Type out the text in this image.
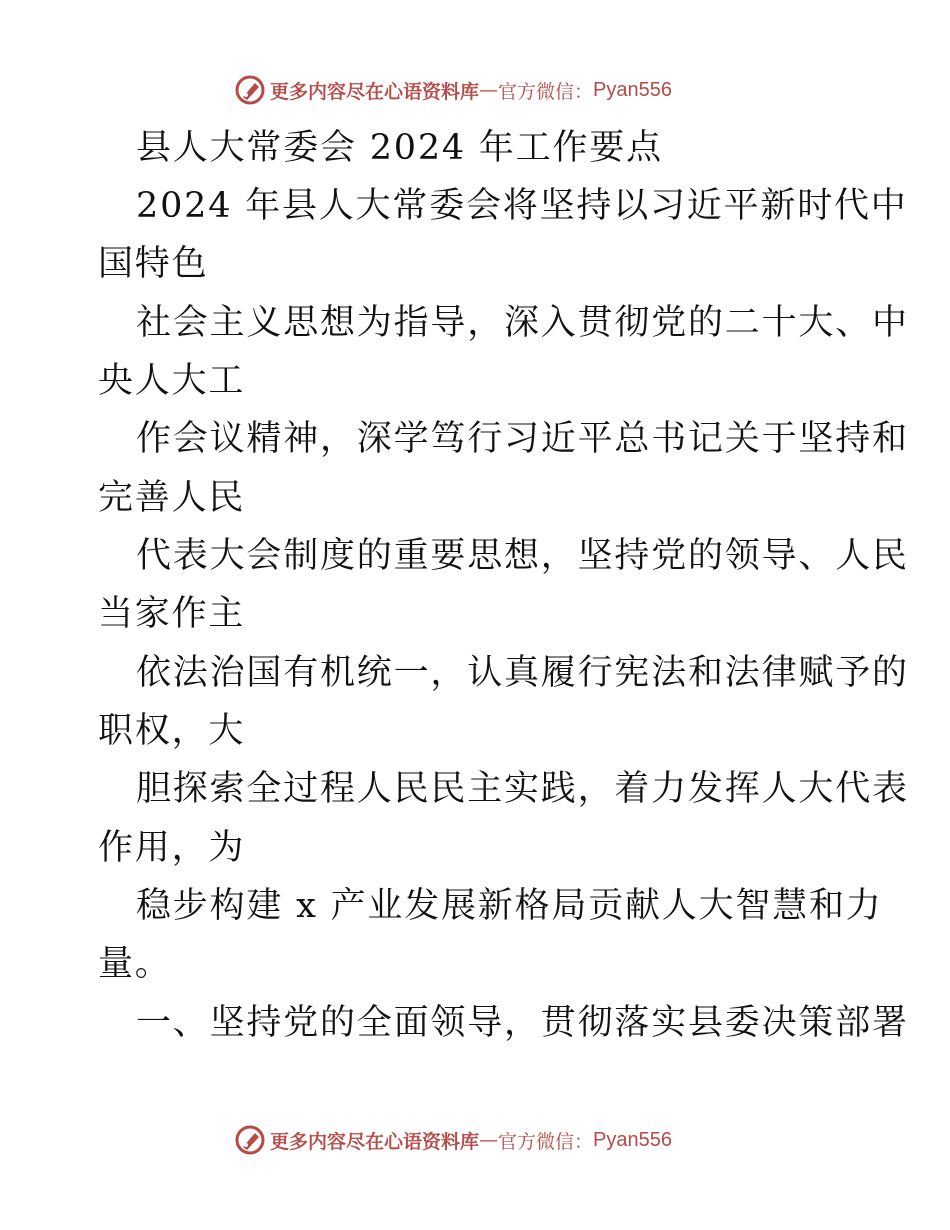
更多内容尽在心语资料库 — 官方微信： Pyan556
县人大常委会 2024 年工作要点
2024 年县人大常委会将坚持以习近平新时代中
国特色
社会主义思想为指导，深入贯彻党的二十大、中
央人大工
作会议精神，深学笃行习近平总书记关于坚持和
完善人民
代表大会制度的重要思想，坚持党的领导、人民
当家作主
依法治国有机统一，认真履行宪法和法律赋予的
职权，大
胆探索全过程人民民主实践，着力发挥人大代表
作用，为
稳步构建 x 产业发展新格局贡献人大智慧和力
量。
一、坚持党的全面领导，贯彻落实县委决策部署
更多内容尽在心语资料库 — 官方微信： Pyan556
